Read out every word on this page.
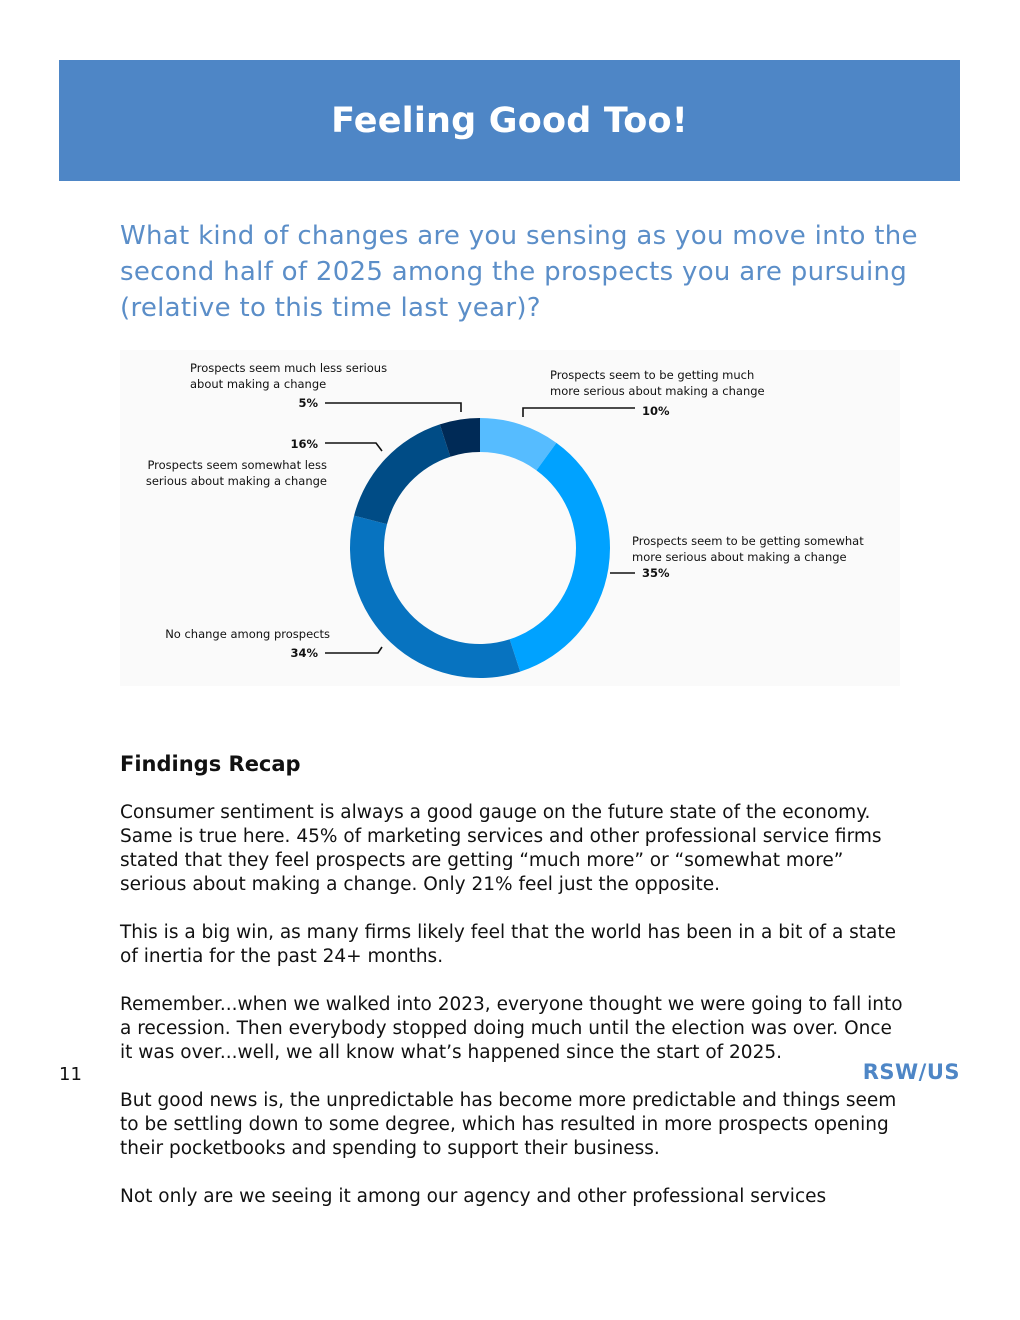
Feeling Good Too!
What kind of changes are you sensing as you move into the second half of 2025 among the prospects you are pursuing (relative to this time last year)?
Prospects seem to be getting much
more serious about making a change
10%
Prospects seem to be getting somewhat
more serious about making a change
35%
No change among prospects
34%
Prospects seem somewhat less
serious about making a change
16%
Prospects seem much less serious
about making a change
5%
Findings Recap

Consumer sentiment is always a good gauge on the future state of the economy. Same is true here. 45% of marketing services and other professional service firms stated that they feel prospects are getting “much more” or “somewhat more” serious about making a change. Only 21% feel just the opposite.

This is a big win, as many firms likely feel that the world has been in a bit of a state of inertia for the past 24+ months.

Remember...when we walked into 2023, everyone thought we were going to fall into a recession. Then everybody stopped doing much until the election was over. Once it was over...well, we all know what’s happened since the start of 2025.

But good news is, the unpredictable has become more predictable and things seem to be settling down to some degree, which has resulted in more prospects opening their pocketbooks and spending to support their business.

Not only are we seeing it among our agency and other professional services

11	RSW/US
